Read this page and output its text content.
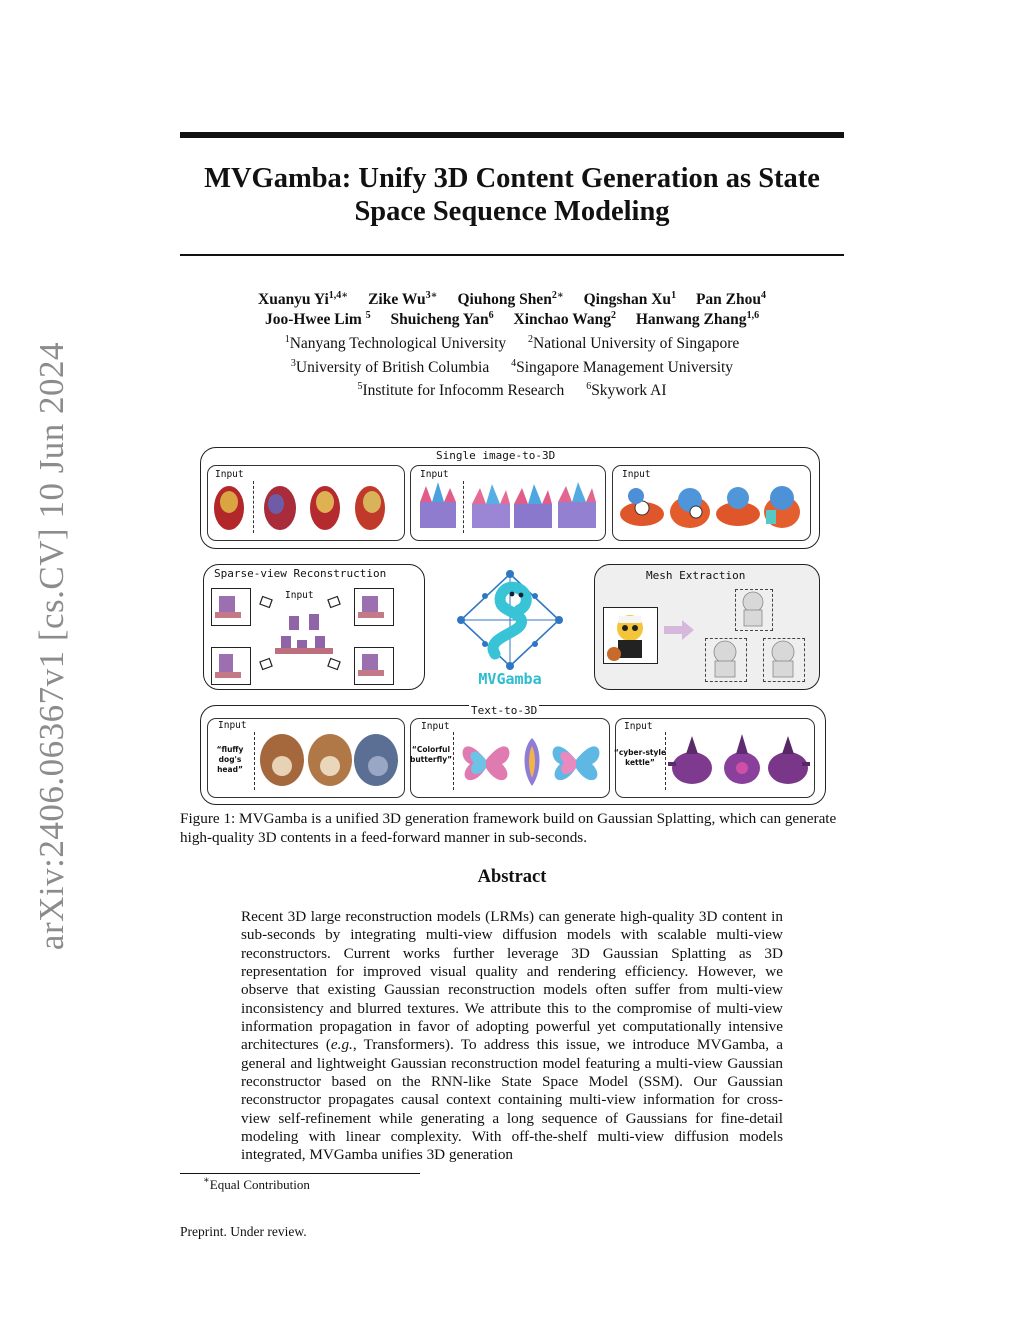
arXiv:2406.06367v1 [cs.CV] 10 Jun 2024
MVGamba: Unify 3D Content Generation as State Space Sequence Modeling
Xuanyu $Yi^{1,4∗}$ Zike $Wu^{3∗}$ Qiuhong Shen$^{2∗}$ Qingshan Xu$^1$ Pan Zhou$^4$
Joo-Hwee Lim $^5$ Shuicheng Yan$^6$ Xinchao Wang$^2$ Hanwang Zhang$^{1,6}$
$^1$Nanyang Technological University $^2$National University of Singapore
$^3$University of British Columbia $^4$Singapore Management University
$^5$Institute for Infocomm Research $^6$Skywork AI
Single image-to-3D
Input	Input	Input
Sparse-view Reconstruction
Input
MVGamba
Mesh Extraction
Text-to-3D
Input
“fluffy dog's head”
Input
“Colorful butterfly”
Input
“cyber-style kettle”
Figure 1: MVGamba is a unified 3D generation framework build on Gaussian Splatting, which can generate high-quality 3D contents in a feed-forward manner in sub-seconds.
Abstract
Recent 3D large reconstruction models (LRMs) can generate high-quality 3D content in sub-seconds by integrating multi-view diffusion models with scalable multi-view reconstructors. Current works further leverage 3D Gaussian Splatting as 3D representation for improved visual quality and rendering efficiency. However, we observe that existing Gaussian reconstruction models often suffer from multi-view inconsistency and blurred textures. We attribute this to the compromise of multi-view information propagation in favor of adopting powerful yet computationally intensive architectures (e.g., Transformers). To address this issue, we introduce MVGamba, a general and lightweight Gaussian reconstruction model featuring a multi-view Gaussian reconstructor based on the RNN-like State Space Model (SSM). Our Gaussian reconstructor propagates causal context containing multi-view information for cross-view self-refinement while generating a long sequence of Gaussians for fine-detail modeling with linear complexity. With off-the-shelf multi-view diffusion models integrated, MVGamba unifies 3D generation
∗Equal Contribution
Preprint. Under review.
